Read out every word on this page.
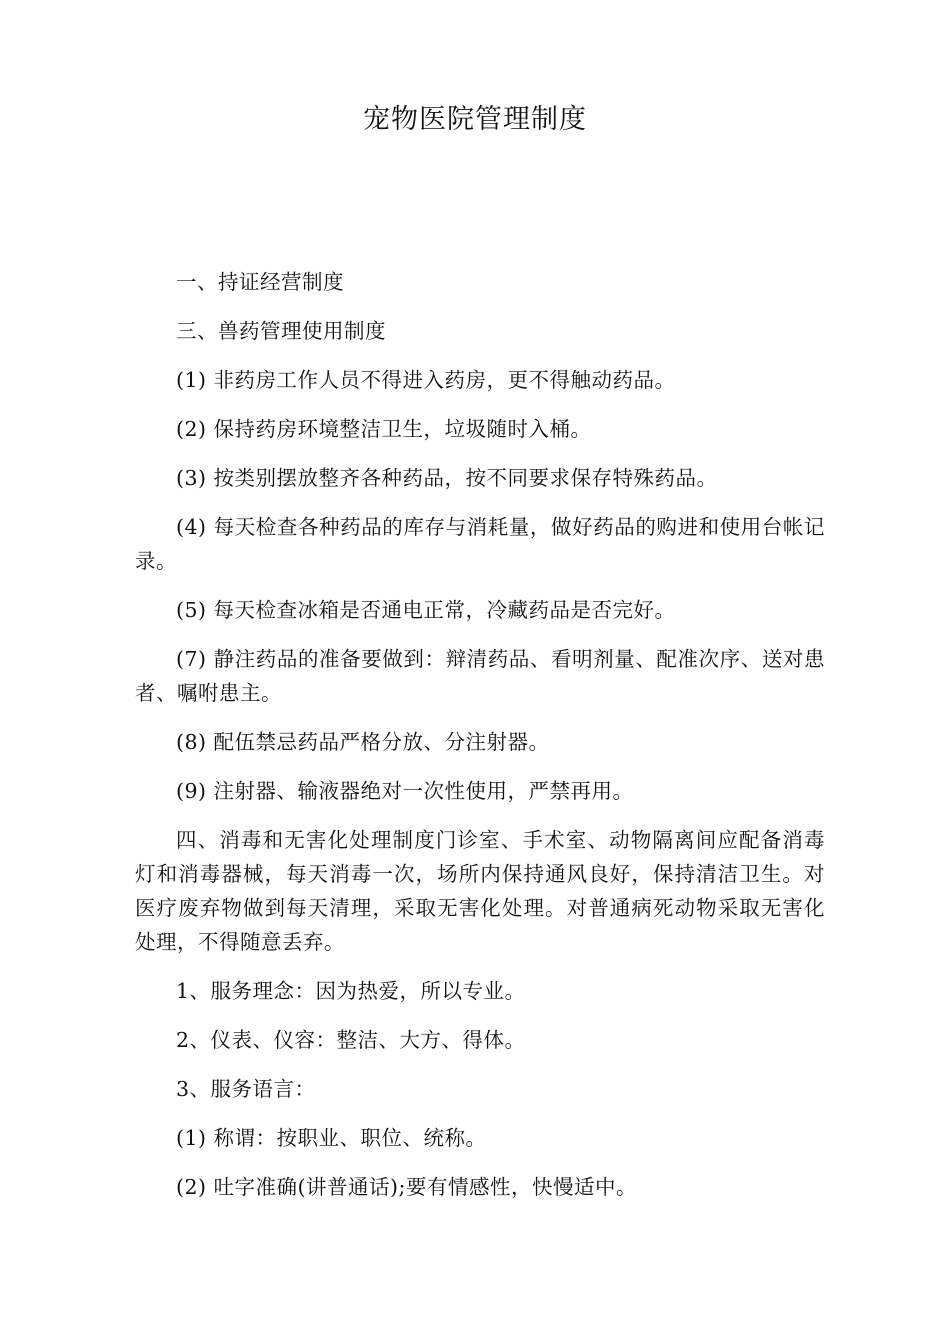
宠物医院管理制度

一、持证经营制度

三、兽药管理使用制度

(1) 非药房工作人员不得进入药房，更不得触动药品。

(2) 保持药房环境整洁卫生，垃圾随时入桶。

(3) 按类别摆放整齐各种药品，按不同要求保存特殊药品。

(4) 每天检查各种药品的库存与消耗量，做好药品的购进和使用台帐记录。

(5) 每天检查冰箱是否通电正常，冷藏药品是否完好。

(7) 静注药品的准备要做到：辩清药品、看明剂量、配准次序、送对患者、嘱咐患主。

(8) 配伍禁忌药品严格分放、分注射器。

(9) 注射器、输液器绝对一次性使用，严禁再用。

四、消毒和无害化处理制度门诊室、手术室、动物隔离间应配备消毒灯和消毒器械，每天消毒一次，场所内保持通风良好，保持清洁卫生。对医疗废弃物做到每天清理，采取无害化处理。对普通病死动物采取无害化处理，不得随意丢弃。

1、服务理念：因为热爱，所以专业。

2、仪表、仪容：整洁、大方、得体。

3、服务语言：

(1) 称谓：按职业、职位、统称。

(2) 吐字准确(讲普通话);要有情感性，快慢适中。
